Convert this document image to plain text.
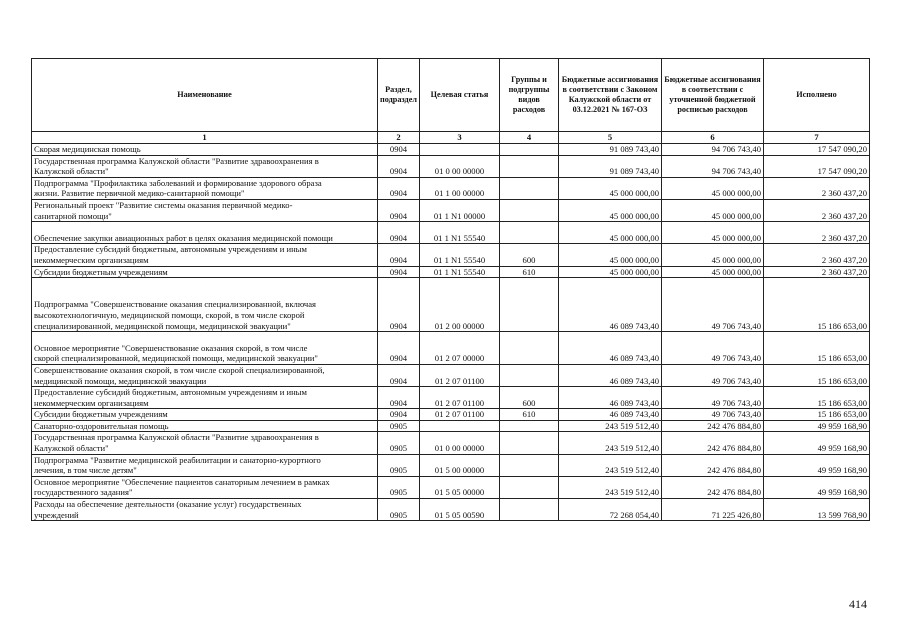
Наименование	Раздел, подраздел	Целевая статья	Группы и подгруппы видов расходов	Бюджетные ассигнования в соответствии с Законом Калужской области от 03.12.2021 № 167-ОЗ	Бюджетные ассигнования в соответствии с уточненной бюджетной росписью расходов	Исполнено
1	2	3	4	5	6	7
Скорая медицинская помощь	0904			91 089 743,40	94 706 743,40	17 547 090,20
Государственная программа Калужской области "Развитие здравоохранения в
Калужской области"	0904	01 0 00 00000		91 089 743,40	94 706 743,40	17 547 090,20
Подпрограмма "Профилактика заболеваний и формирование здорового образа
жизни. Развитие первичной медико-санитарной помощи"	0904	01 1 00 00000		45 000 000,00	45 000 000,00	2 360 437,20
Региональный проект "Развитие системы оказания первичной медико-
санитарной помощи"	0904	01 1 N1 00000		45 000 000,00	45 000 000,00	2 360 437,20
Обеспечение закупки авиационных работ в целях оказания медицинской помощи	0904	01 1 N1 55540		45 000 000,00	45 000 000,00	2 360 437,20
Предоставление субсидий бюджетным, автономным учреждениям и иным
некоммерческим организациям	0904	01 1 N1 55540	600	45 000 000,00	45 000 000,00	2 360 437,20
Субсидии бюджетным учреждениям	0904	01 1 N1 55540	610	45 000 000,00	45 000 000,00	2 360 437,20
Подпрограмма "Совершенствование оказания специализированной, включая
высокотехнологичную, медицинской помощи, скорой, в том числе скорой
специализированной, медицинской помощи, медицинской эвакуации"	0904	01 2 00 00000		46 089 743,40	49 706 743,40	15 186 653,00
Основное мероприятие "Совершенствование оказания скорой, в том числе
скорой специализированной, медицинской помощи, медицинской эвакуации"	0904	01 2 07 00000		46 089 743,40	49 706 743,40	15 186 653,00
Совершенствование оказания скорой, в том числе скорой специализированной,
медицинской помощи, медицинской эвакуации	0904	01 2 07 01100		46 089 743,40	49 706 743,40	15 186 653,00
Предоставление субсидий бюджетным, автономным учреждениям и иным
некоммерческим организациям	0904	01 2 07 01100	600	46 089 743,40	49 706 743,40	15 186 653,00
Субсидии бюджетным учреждениям	0904	01 2 07 01100	610	46 089 743,40	49 706 743,40	15 186 653,00
Санаторно-оздоровительная помощь	0905			243 519 512,40	242 476 884,80	49 959 168,90
Государственная программа Калужской области "Развитие здравоохранения в
Калужской области"	0905	01 0 00 00000		243 519 512,40	242 476 884,80	49 959 168,90
Подпрограмма "Развитие медицинской реабилитации и санаторно-курортного
лечения, в том числе детям"	0905	01 5 00 00000		243 519 512,40	242 476 884,80	49 959 168,90
Основное мероприятие "Обеспечение пациентов санаторным лечением в рамках
государственного задания"	0905	01 5 05 00000		243 519 512,40	242 476 884,80	49 959 168,90
Расходы на обеспечение деятельности (оказание услуг) государственных
учреждений	0905	01 5 05 00590		72 268 054,40	71 225 426,80	13 599 768,90
414
